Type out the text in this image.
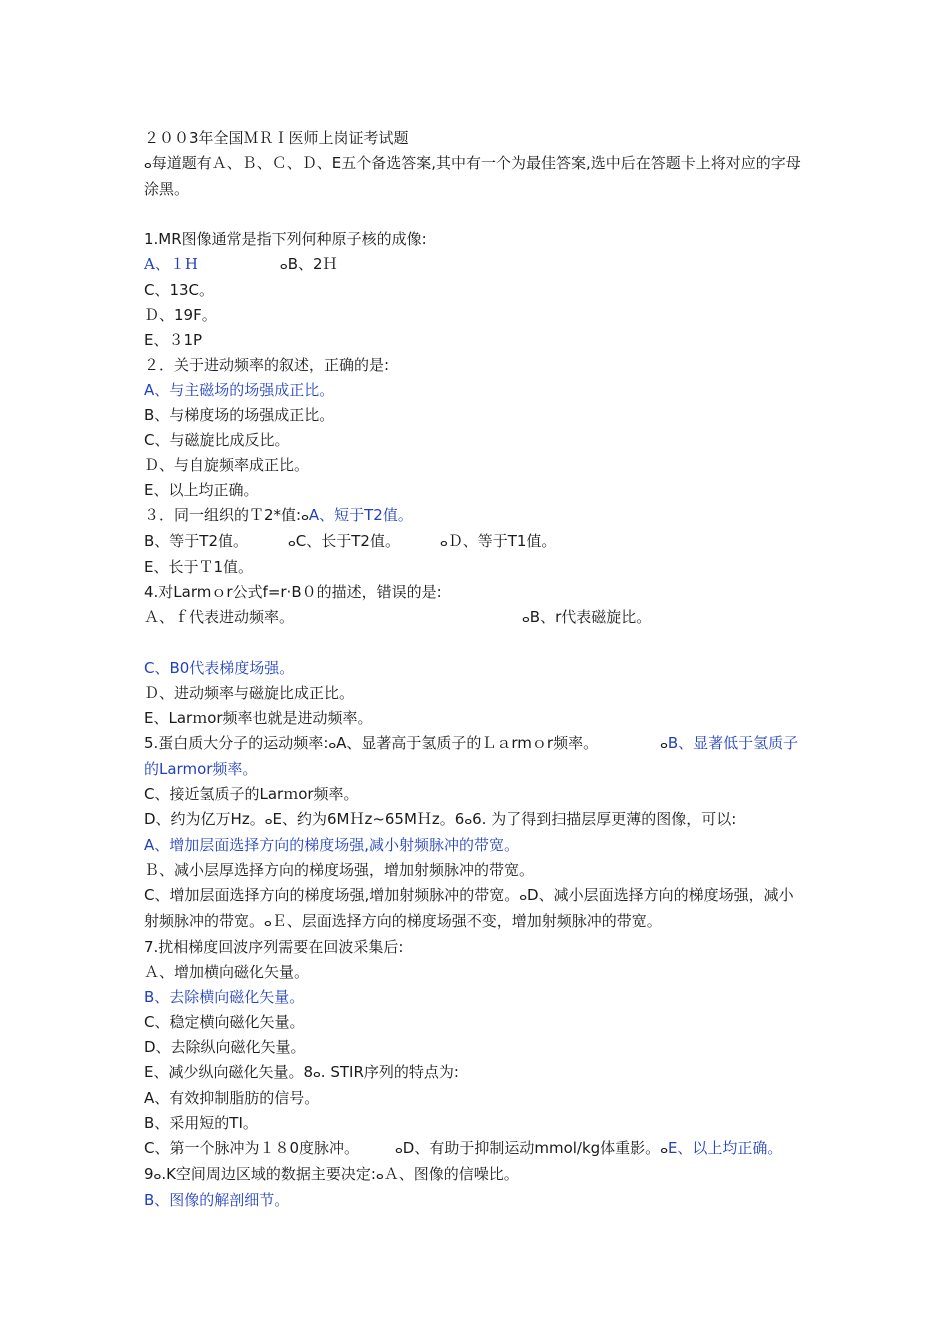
２００3年全国ＭＲＩ医师上岗证考试题
ⴰ每道题有Ａ、Ｂ、Ｃ、Ｄ、E五个备选答案,其中有一个为最佳答案,选中后在答题卡上将对应的字母涂黑。
1.MR图像通常是指下列何种原子核的成像:
A、１H	ⴰB、2Ｈ
C、13C。
Ｄ、19F。
E、３1P
２．关于进动频率的叙述，正确的是:
A、与主磁场的场强成正比。
B、与梯度场的场强成正比。
C、与磁旋比成反比。
Ｄ、与自旋频率成正比。
E、以上均正确。
３．同一组织的Ｔ2*值:ⴰA、短于T2值。
B、等于T2值。	ⴰC、长于T2值。	ⴰＤ、等于T1值。
E、长于Ｔ1值。
4.对Larmｏr公式f=r·B０的描述，错误的是:
Ａ、ｆ代表进动频率。	ⴰB、r代表磁旋比。
C、B0代表梯度场强。
Ｄ、进动频率与磁旋比成正比。
E、Larｍor频率也就是进动频率。
5.蛋白质大分子的运动频率:ⴰA、显著高于氢质子的Ｌａrmｏr频率。	ⴰB、显著低于氢质子的Larmor频率。
C、接近氢质子的Larｍor频率。
D、约为亿万Hz。ⴰE、约为6MＨz~65MＨz。6ⴰ6. 为了得到扫描层厚更薄的图像，可以:
A、增加层面选择方向的梯度场强,减小射频脉冲的带宽。
Ｂ、减小层厚选择方向的梯度场强，增加射频脉冲的带宽。
C、增加层面选择方向的梯度场强,增加射频脉冲的带宽。ⴰD、减小层面选择方向的梯度场强，减小射频脉冲的带宽。ⴰＥ、层面选择方向的梯度场强不变，增加射频脉冲的带宽。
7.扰相梯度回波序列需要在回波采集后:
Ａ、增加横向磁化矢量。
B、去除横向磁化矢量。
C、稳定横向磁化矢量。
D、去除纵向磁化矢量。
E、减少纵向磁化矢量。8ⴰ. STIR序列的特点为:
A、有效抑制脂肪的信号。
B、采用短的TI。
C、第一个脉冲为１８0度脉冲。	ⴰD、有助于抑制运动mmol/kg体重影。ⴰE、以上均正确。9ⴰ.K空间周边区域的数据主要决定:ⴰＡ、图像的信噪比。
B、图像的解剖细节。
